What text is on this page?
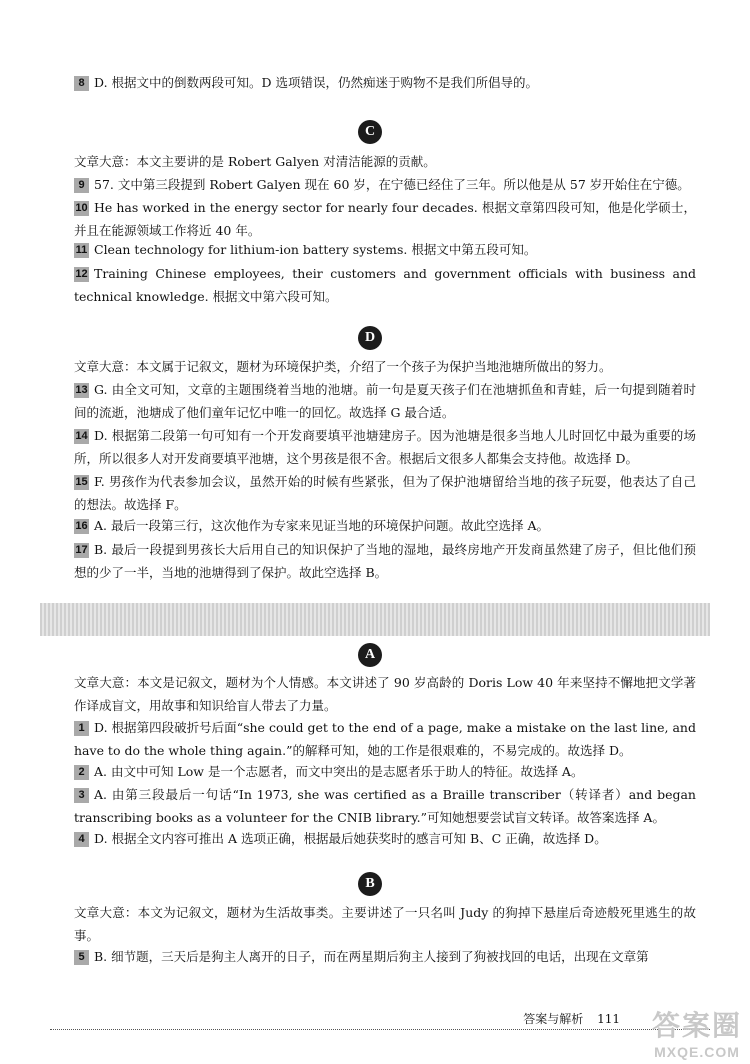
8 D. 根据文中的倒数两段可知。D 选项错误，仍然痴迷于购物不是我们所倡导的。

C

文章大意：本文主要讲的是 Robert Galyen 对清洁能源的贡献。

9 57. 文中第三段提到 Robert Galyen 现在 60 岁，在宁德已经住了三年。所以他是从 57 岁开始住在宁德。

10 He has worked in the energy sector for nearly four decades. 根据文章第四段可知，他是化学硕士，并且在能源领域工作将近 40 年。

11 Clean technology for lithium-ion battery systems. 根据文中第五段可知。

12 Training Chinese employees, their customers and government officials with business and technical knowledge. 根据文中第六段可知。

D

文章大意：本文属于记叙文，题材为环境保护类，介绍了一个孩子为保护当地池塘所做出的努力。

13 G. 由全文可知，文章的主题围绕着当地的池塘。前一句是夏天孩子们在池塘抓鱼和青蛙，后一句提到随着时间的流逝，池塘成了他们童年记忆中唯一的回忆。故选择 G 最合适。

14 D. 根据第二段第一句可知有一个开发商要填平池塘建房子。因为池塘是很多当地人儿时回忆中最为重要的场所，所以很多人对开发商要填平池塘，这个男孩是很不舍。根据后文很多人都集会支持他。故选择 D。

15 F. 男孩作为代表参加会议，虽然开始的时候有些紧张，但为了保护池塘留给当地的孩子玩耍，他表达了自己的想法。故选择 F。

16 A. 最后一段第三行，这次他作为专家来见证当地的环境保护问题。故此空选择 A。

17 B. 最后一段提到男孩长大后用自己的知识保护了当地的湿地，最终房地产开发商虽然建了房子，但比他们预想的少了一半，当地的池塘得到了保护。故此空选择 B。

A

文章大意：本文是记叙文，题材为个人情感。本文讲述了 90 岁高龄的 Doris Low 40 年来坚持不懈地把文学著作译成盲文，用故事和知识给盲人带去了力量。

1 D. 根据第四段破折号后面“she could get to the end of a page, make a mistake on the last line, and have to do the whole thing again.”的解释可知，她的工作是很艰难的，不易完成的。故选择 D。

2 A. 由文中可知 Low 是一个志愿者，而文中突出的是志愿者乐于助人的特征。故选择 A。

3 A. 由第三段最后一句话“In 1973, she was certified as a Braille transcriber（转译者）and began transcribing books as a volunteer for the CNIB library.”可知她想要尝试盲文转译。故答案选择 A。

4 D. 根据全文内容可推出 A 选项正确，根据最后她获奖时的感言可知 B、C 正确，故选择 D。

B

文章大意：本文为记叙文，题材为生活故事类。主要讲述了一只名叫 Judy 的狗掉下悬崖后奇迹般死里逃生的故事。

5 B. 细节题，三天后是狗主人离开的日子，而在两星期后狗主人接到了狗被找回的电话，出现在文章第

答案与解析 111 答案圈
MXQE.COM
